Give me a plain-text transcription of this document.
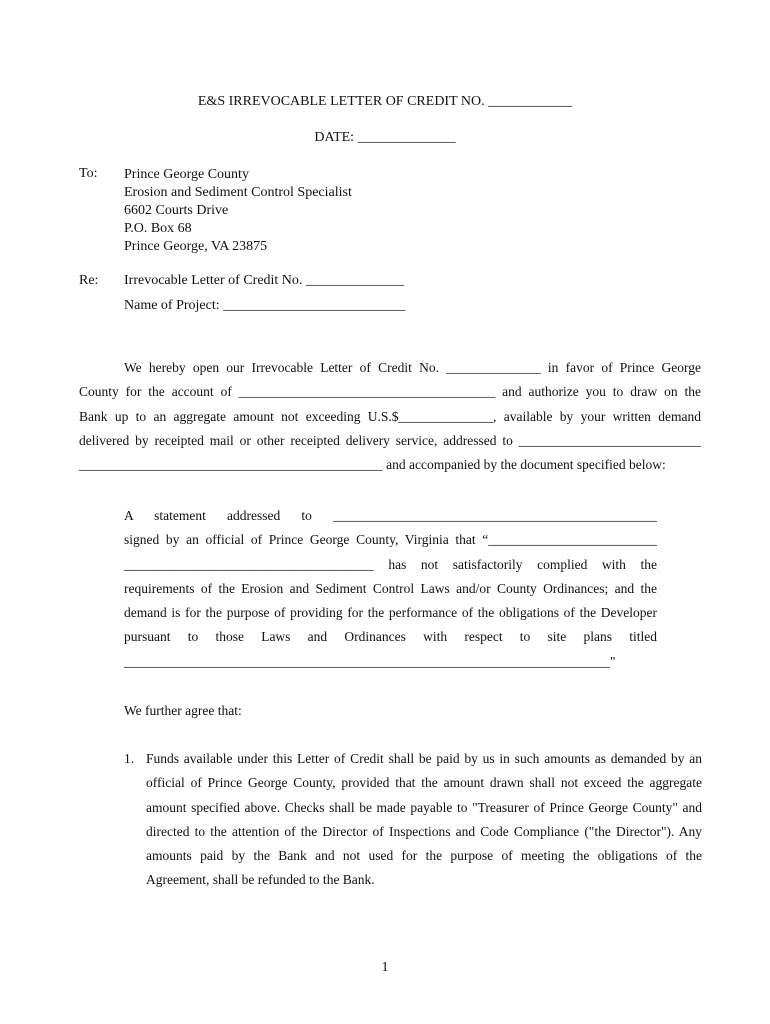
E&S IRREVOCABLE LETTER OF CREDIT NO. ____________
DATE: ______________
To: Prince George County
Erosion and Sediment Control Specialist
6602 Courts Drive
P.O. Box 68
Prince George, VA 23875
Re: Irrevocable Letter of Credit No. ______________
Name of Project: __________________________
We hereby open our Irrevocable Letter of Credit No. ______________ in favor of Prince George
County for the account of ______________________________________ and authorize you to draw on the
Bank up to an aggregate amount not exceeding U.S.$______________, available by your written demand
delivered by receipted mail or other receipted delivery service, addressed to ___________________________
_____________________________________________ and accompanied by the document specified below:
A statement addressed to ________________________________________________
signed by an official of Prince George County, Virginia that “_________________________
_____________________________________ has not satisfactorily complied with the
requirements of the Erosion and Sediment Control Laws and/or County Ordinances; and the
demand is for the purpose of providing for the performance of the obligations of the Developer
pursuant to those Laws and Ordinances with respect to site plans titled
________________________________________________________________________"
We further agree that:
1. Funds available under this Letter of Credit shall be paid by us in such amounts as demanded by an
official of Prince George County, provided that the amount drawn shall not exceed the aggregate
amount specified above. Checks shall be made payable to "Treasurer of Prince George County" and
directed to the attention of the Director of Inspections and Code Compliance ("the Director"). Any
amounts paid by the Bank and not used for the purpose of meeting the obligations of the
Agreement, shall be refunded to the Bank.
1
